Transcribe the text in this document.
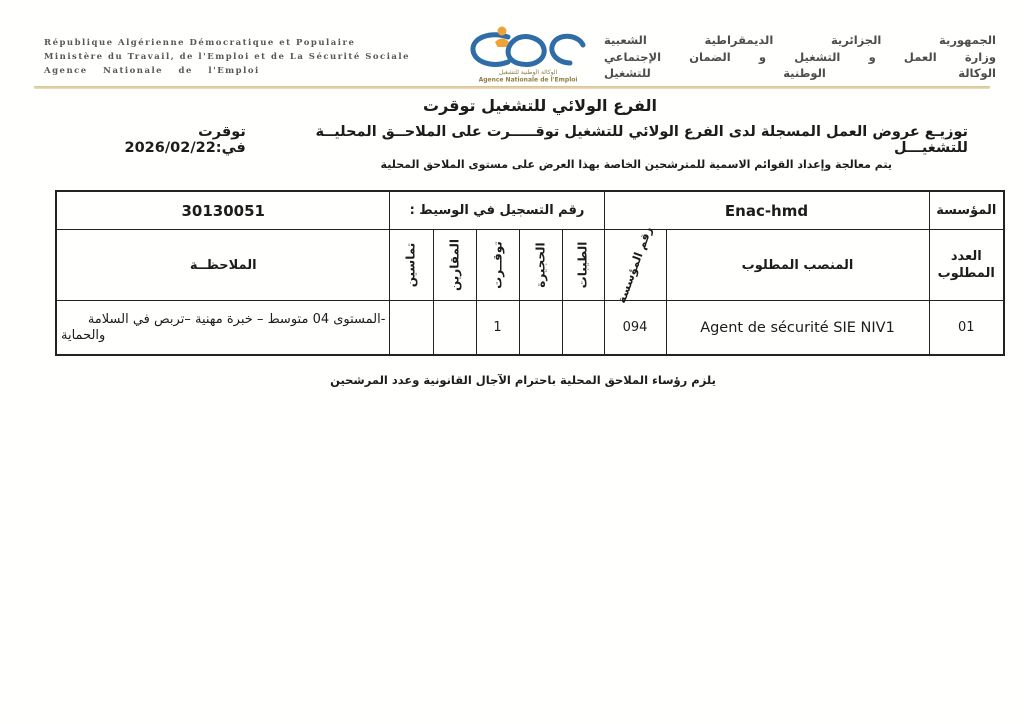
République Algérienne Démocratique et Populaire
Ministère du Travail, de l'Emploi et de La Sécurité Sociale
Agence Nationale de l'Emploi	الوكالة الوطنية للتشغيل
Agence Nationale de l'Emploi
الجمهورية الجزائرية الديمقراطية الشعبية
وزارة العمل و التشغيل و الضمان الإجتماعي
الوكالة الوطنية للتشغيل
الفرع الولائي للتشغيل توقرت
توزيـع عروض العمل المسجلة لدى الفرع الولائي للتشغيل توقـــــرت على الملاحــق المحليــة للتشغيـــل
توقرت في:2026/02/22
يتم معالجة وإعداد القوائم الاسمية للمترشحين الخاصة بهذا العرض على مستوى الملاحق المحلية
المؤسسة	Enac-hmd		رقم التسجيل في الوسيط :					30130051
العدد المطلوب	المنصب المطلوب	رقم المؤسسة	الطيبات	الحجيرة	توقــرت	المقارين	تماسين	الملاحظــة
01	Agent de sécurité SIE NIV1	094			1			-المستوى 04 متوسط – خبرة مهنية –تربص في السلامة
والحماية
يلزم رؤساء الملاحق المحلية باحترام الآجال القانونية وعدد المرشحين
